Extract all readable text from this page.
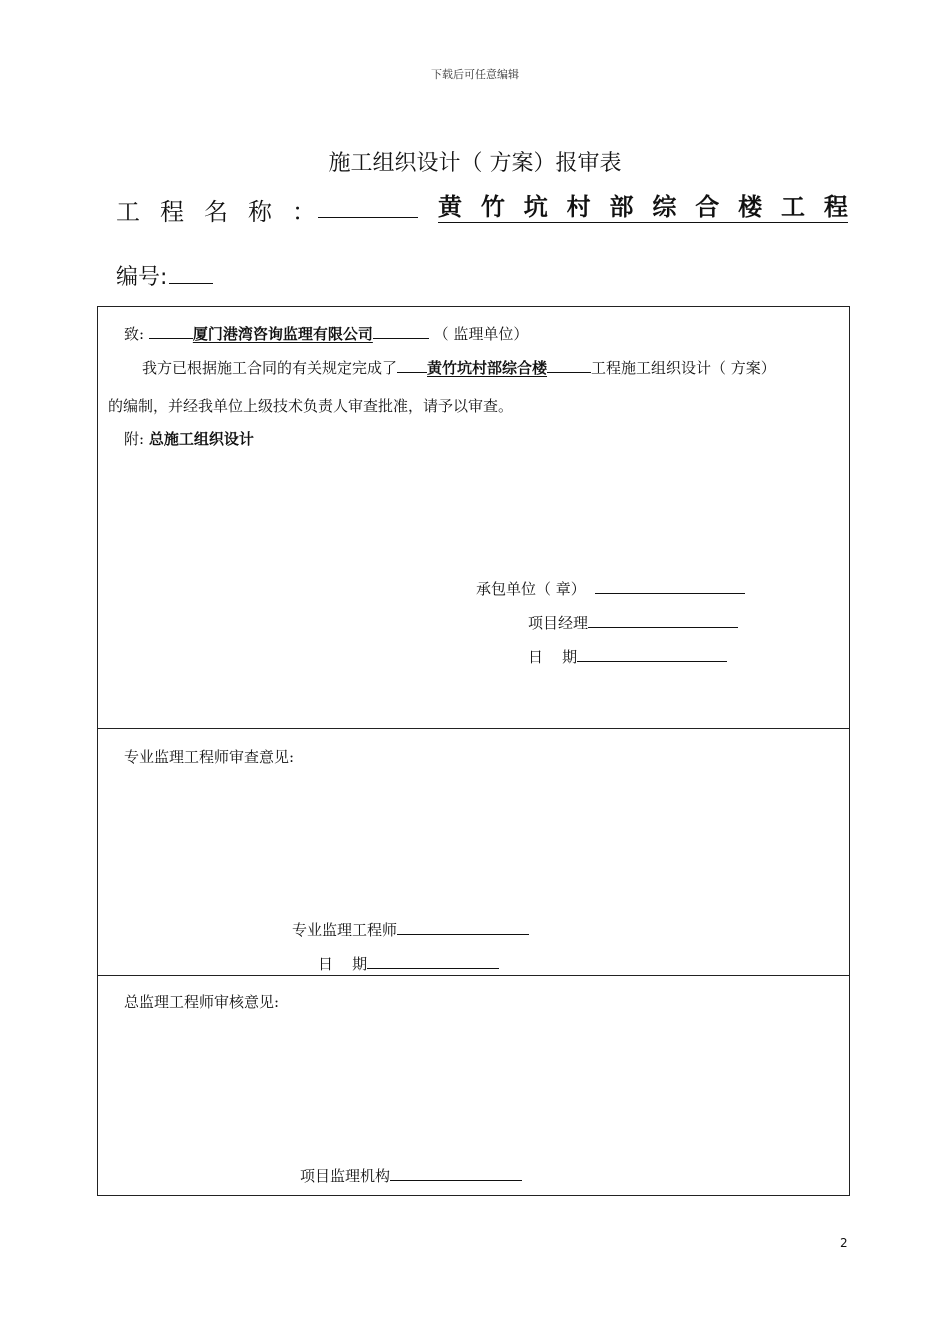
下载后可任意编辑
施工组织设计（ 方案）报审表
工程名称：	黄 竹 坑 村 部 综 合 楼 工 程
编号:
致:	厦门港湾咨询监理有限公司	（ 监理单位）
我方已根据施工合同的有关规定完成了 黄竹坑村部综合楼	工程施工组织设计（ 方案）
的编制，并经我单位上级技术负责人审查批准，请予以审查。
附: 总施工组织设计
承包单位（ 章）
项目经理
日    期
专业监理工程师审查意见:
专业监理工程师
日    期
总监理工程师审核意见:
项目监理机构
2
